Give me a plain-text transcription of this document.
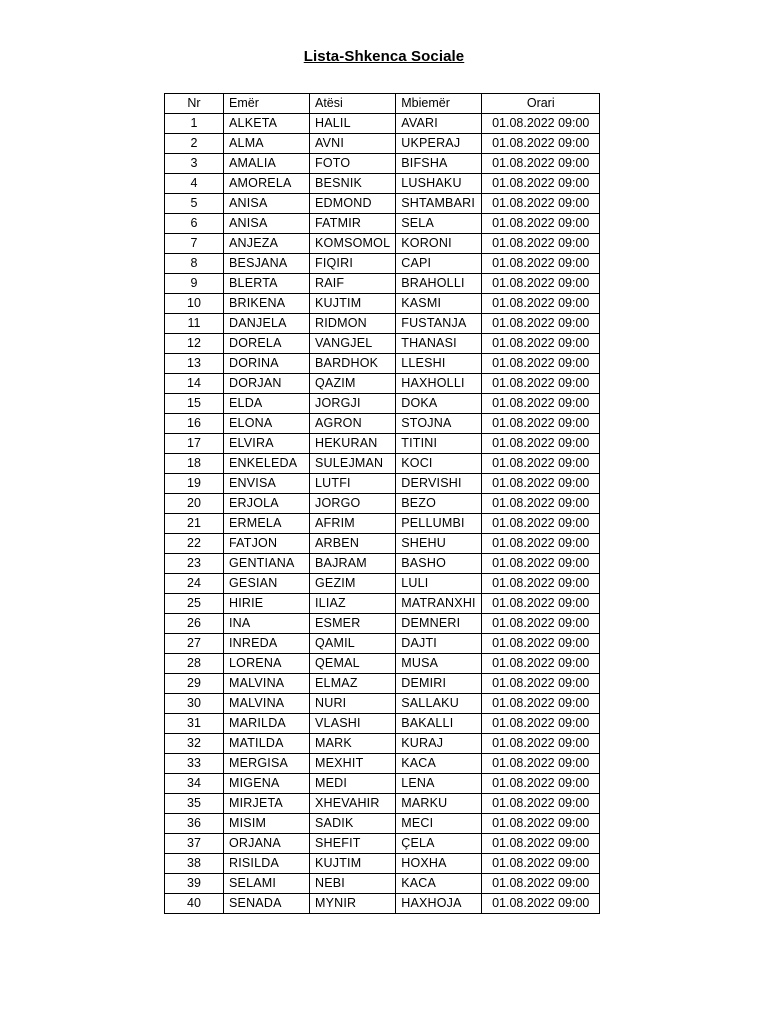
Lista-Shkenca Sociale
Nr	Emër	Atësi	Mbiemër	Orari
1	ALKETA	HALIL	AVARI	01.08.2022 09:00
2	ALMA	AVNI	UKPERAJ	01.08.2022 09:00
3	AMALIA	FOTO	BIFSHA	01.08.2022 09:00
4	AMORELA	BESNIK	LUSHAKU	01.08.2022 09:00
5	ANISA	EDMOND	SHTAMBARI	01.08.2022 09:00
6	ANISA	FATMIR	SELA	01.08.2022 09:00
7	ANJEZA	KOMSOMOL	KORONI	01.08.2022 09:00
8	BESJANA	FIQIRI	CAPI	01.08.2022 09:00
9	BLERTA	RAIF	BRAHOLLI	01.08.2022 09:00
10	BRIKENA	KUJTIM	KASMI	01.08.2022 09:00
11	DANJELA	RIDMON	FUSTANJA	01.08.2022 09:00
12	DORELA	VANGJEL	THANASI	01.08.2022 09:00
13	DORINA	BARDHOK	LLESHI	01.08.2022 09:00
14	DORJAN	QAZIM	HAXHOLLI	01.08.2022 09:00
15	ELDA	JORGJI	DOKA	01.08.2022 09:00
16	ELONA	AGRON	STOJNA	01.08.2022 09:00
17	ELVIRA	HEKURAN	TITINI	01.08.2022 09:00
18	ENKELEDA	SULEJMAN	KOCI	01.08.2022 09:00
19	ENVISA	LUTFI	DERVISHI	01.08.2022 09:00
20	ERJOLA	JORGO	BEZO	01.08.2022 09:00
21	ERMELA	AFRIM	PELLUMBI	01.08.2022 09:00
22	FATJON	ARBEN	SHEHU	01.08.2022 09:00
23	GENTIANA	BAJRAM	BASHO	01.08.2022 09:00
24	GESIAN	GEZIM	LULI	01.08.2022 09:00
25	HIRIE	ILIAZ	MATRANXHI	01.08.2022 09:00
26	INA	ESMER	DEMNERI	01.08.2022 09:00
27	INREDA	QAMIL	DAJTI	01.08.2022 09:00
28	LORENA	QEMAL	MUSA	01.08.2022 09:00
29	MALVINA	ELMAZ	DEMIRI	01.08.2022 09:00
30	MALVINA	NURI	SALLAKU	01.08.2022 09:00
31	MARILDA	VLASHI	BAKALLI	01.08.2022 09:00
32	MATILDA	MARK	KURAJ	01.08.2022 09:00
33	MERGISA	MEXHIT	KACA	01.08.2022 09:00
34	MIGENA	MEDI	LENA	01.08.2022 09:00
35	MIRJETA	XHEVAHIR	MARKU	01.08.2022 09:00
36	MISIM	SADIK	MECI	01.08.2022 09:00
37	ORJANA	SHEFIT	ÇELA	01.08.2022 09:00
38	RISILDA	KUJTIM	HOXHA	01.08.2022 09:00
39	SELAMI	NEBI	KACA	01.08.2022 09:00
40	SENADA	MYNIR	HAXHOJA	01.08.2022 09:00
